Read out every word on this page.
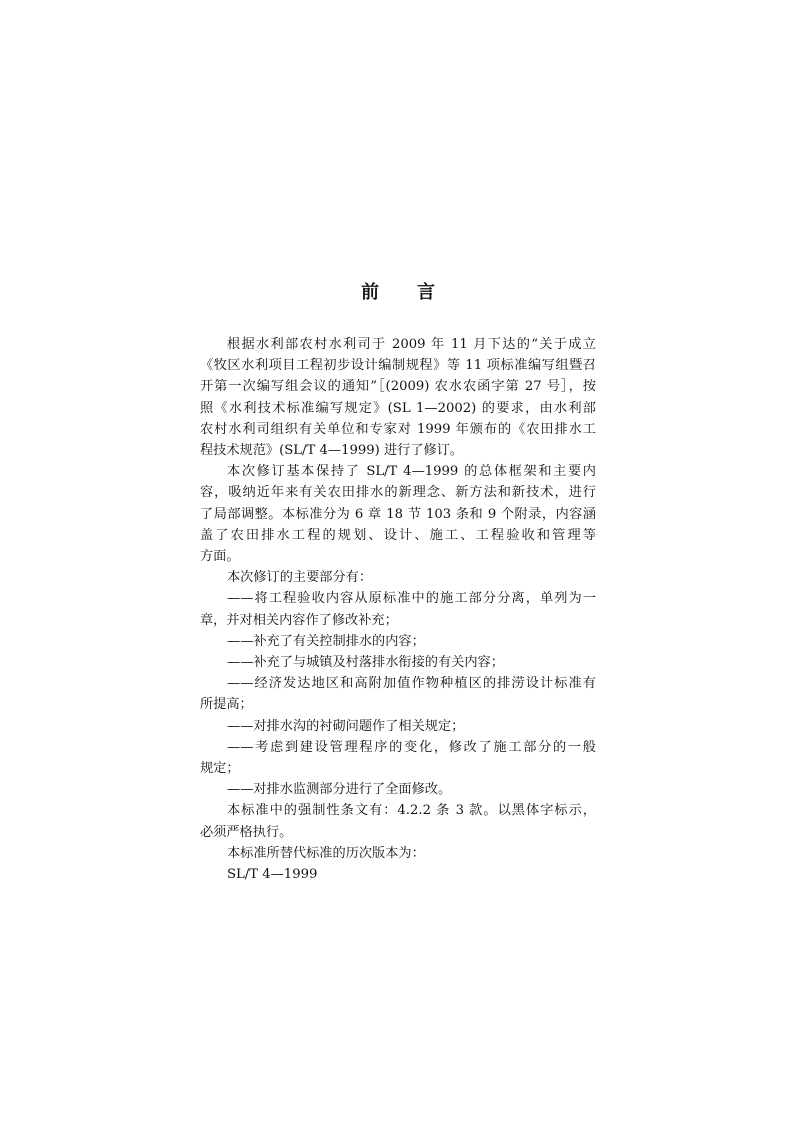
前 言

根据水利部农村水利司于 2009 年 11 月下达的“关于成立
《牧区水利项目工程初步设计编制规程》等 11 项标准编写组暨召
开第一次编写组会议的通知”［(2009) 农水农函字第 27 号］，按
照《水利技术标准编写规定》(SL 1—2002) 的要求，由水利部
农村水利司组织有关单位和专家对 1999 年颁布的《农田排水工
程技术规范》(SL/T 4—1999) 进行了修订。

本次修订基本保持了 SL/T 4—1999 的总体框架和主要内
容，吸纳近年来有关农田排水的新理念、新方法和新技术，进行
了局部调整。本标准分为 6 章 18 节 103 条和 9 个附录，内容涵
盖了农田排水工程的规划、设计、施工、工程验收和管理等
方面。

本次修订的主要部分有：

——将工程验收内容从原标准中的施工部分分离，单列为一
章，并对相关内容作了修改补充；

——补充了有关控制排水的内容；

——补充了与城镇及村落排水衔接的有关内容；

——经济发达地区和高附加值作物种植区的排涝设计标准有
所提高；

——对排水沟的衬砌问题作了相关规定；

——考虑到建设管理程序的变化，修改了施工部分的一般
规定；

——对排水监测部分进行了全面修改。

本标准中的强制性条文有：4.2.2 条 3 款。以黑体字标示，
必须严格执行。

本标准所替代标准的历次版本为：

SL/T 4—1999
